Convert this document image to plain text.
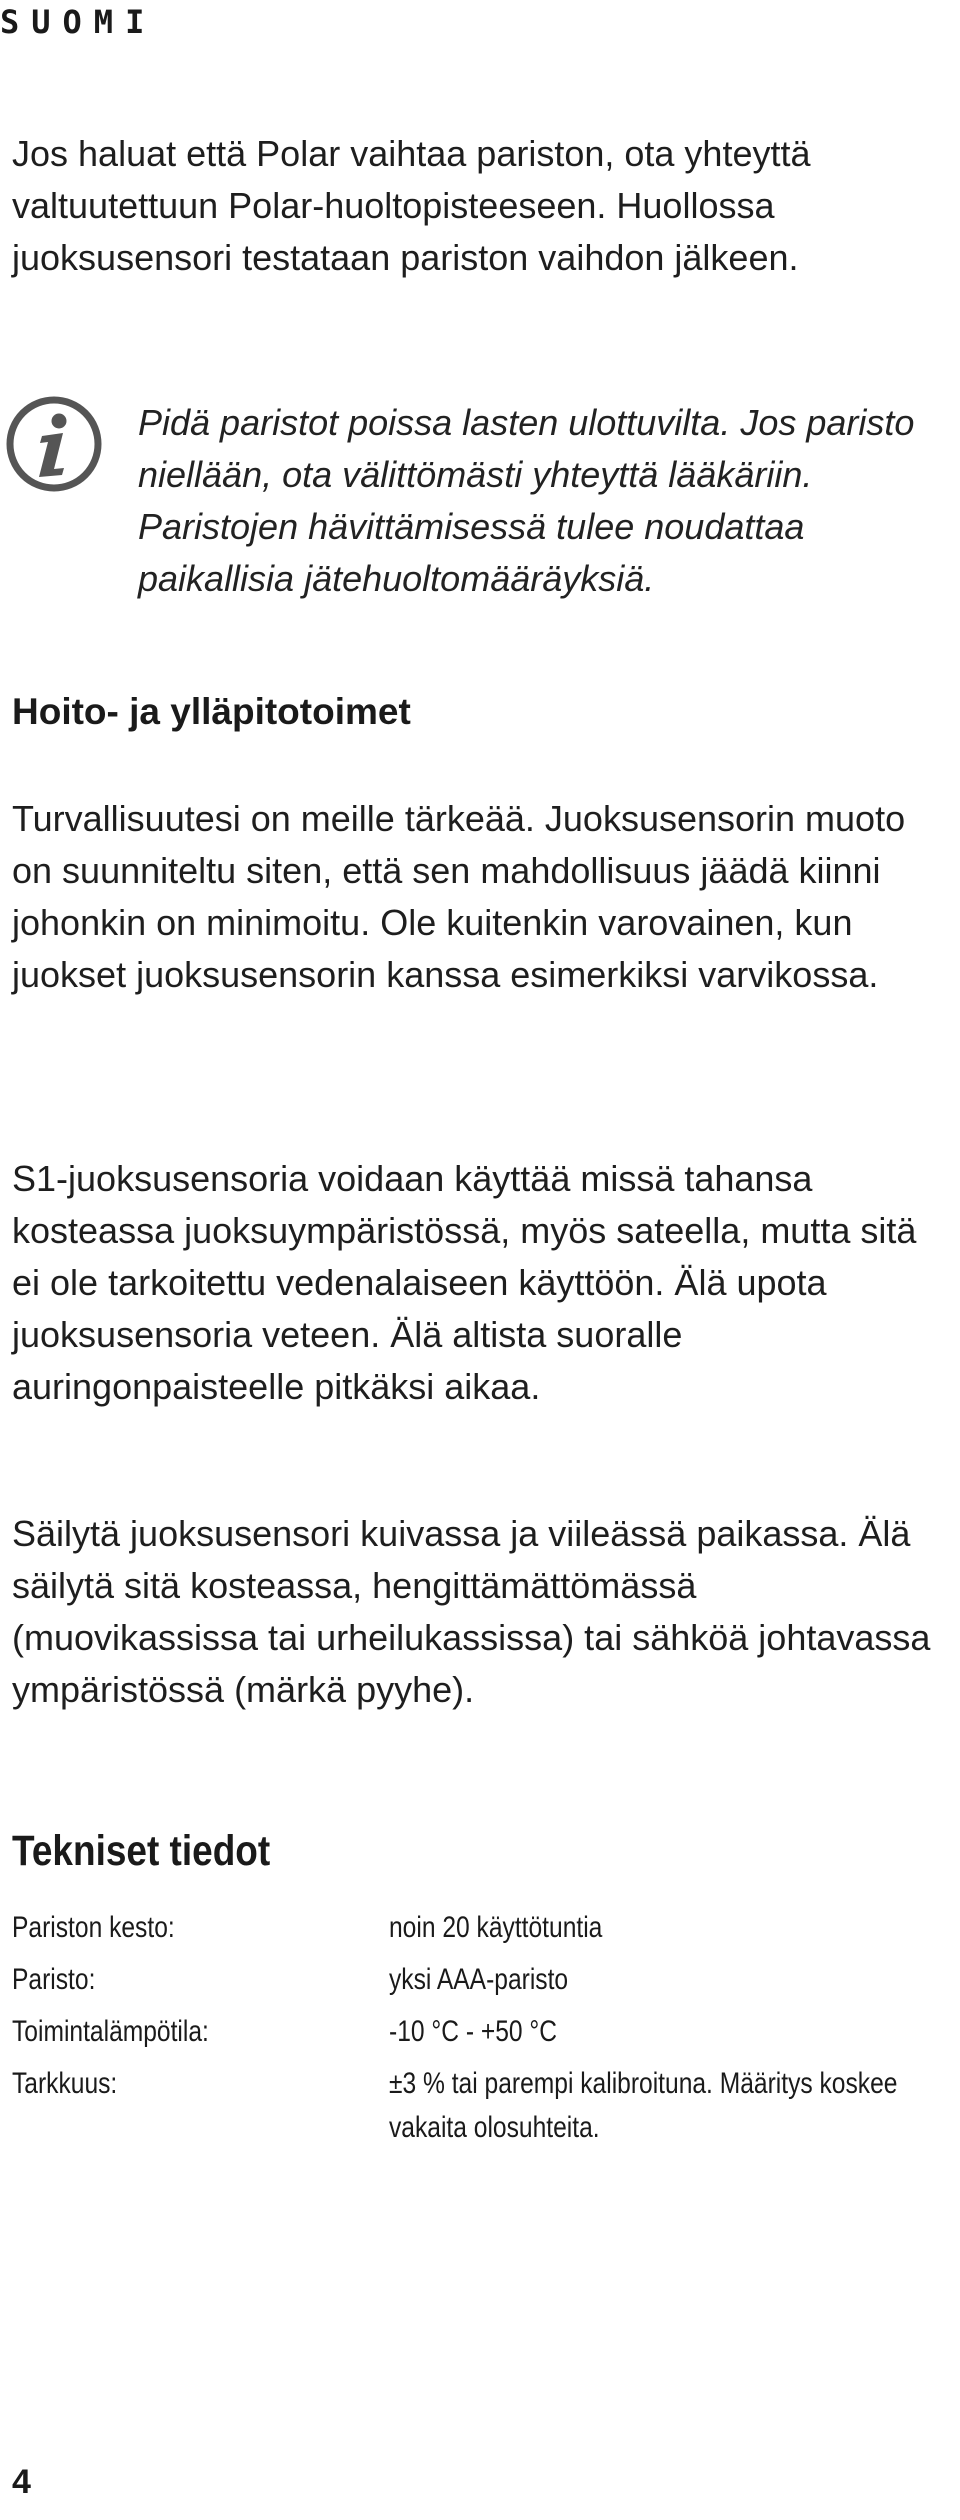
SUOMI

Jos haluat että Polar vaihtaa pariston, ota yhteyttä valtuutettuun Polar-huoltopisteeseen. Huollossa juoksusensori testataan pariston vaihdon jälkeen.

Pidä paristot poissa lasten ulottuvilta. Jos paristo niellään, ota välittömästi yhteyttä lääkäriin. Paristojen hävittämisessä tulee noudattaa paikallisia jätehuoltomääräyksiä.

Hoito- ja ylläpitotoimet

Turvallisuutesi on meille tärkeää. Juoksusensorin muoto on suunniteltu siten, että sen mahdollisuus jäädä kiinni johonkin on minimoitu. Ole kuitenkin varovainen, kun juokset juoksusensorin kanssa esimerkiksi varvikossa.

S1-juoksusensoria voidaan käyttää missä tahansa kosteassa juoksuympäristössä, myös sateella, mutta sitä ei ole tarkoitettu vedenalaiseen käyttöön. Älä upota juoksusensoria veteen. Älä altista suoralle auringonpaisteelle pitkäksi aikaa.

Säilytä juoksusensori kuivassa ja viileässä paikassa. Älä säilytä sitä kosteassa, hengittämättömässä (muovikassissa tai urheilukassissa) tai sähköä johtavassa ympäristössä (märkä pyyhe).

Tekniset tiedot
Pariston kesto:	noin 20 käyttötuntia
Paristo:	yksi AAA-paristo
Toimintalämpötila:	-10 °C - +50 °C
Tarkkuus:	±3 % tai parempi kalibroituna. Määritys koskee vakaita olosuhteita.
4
